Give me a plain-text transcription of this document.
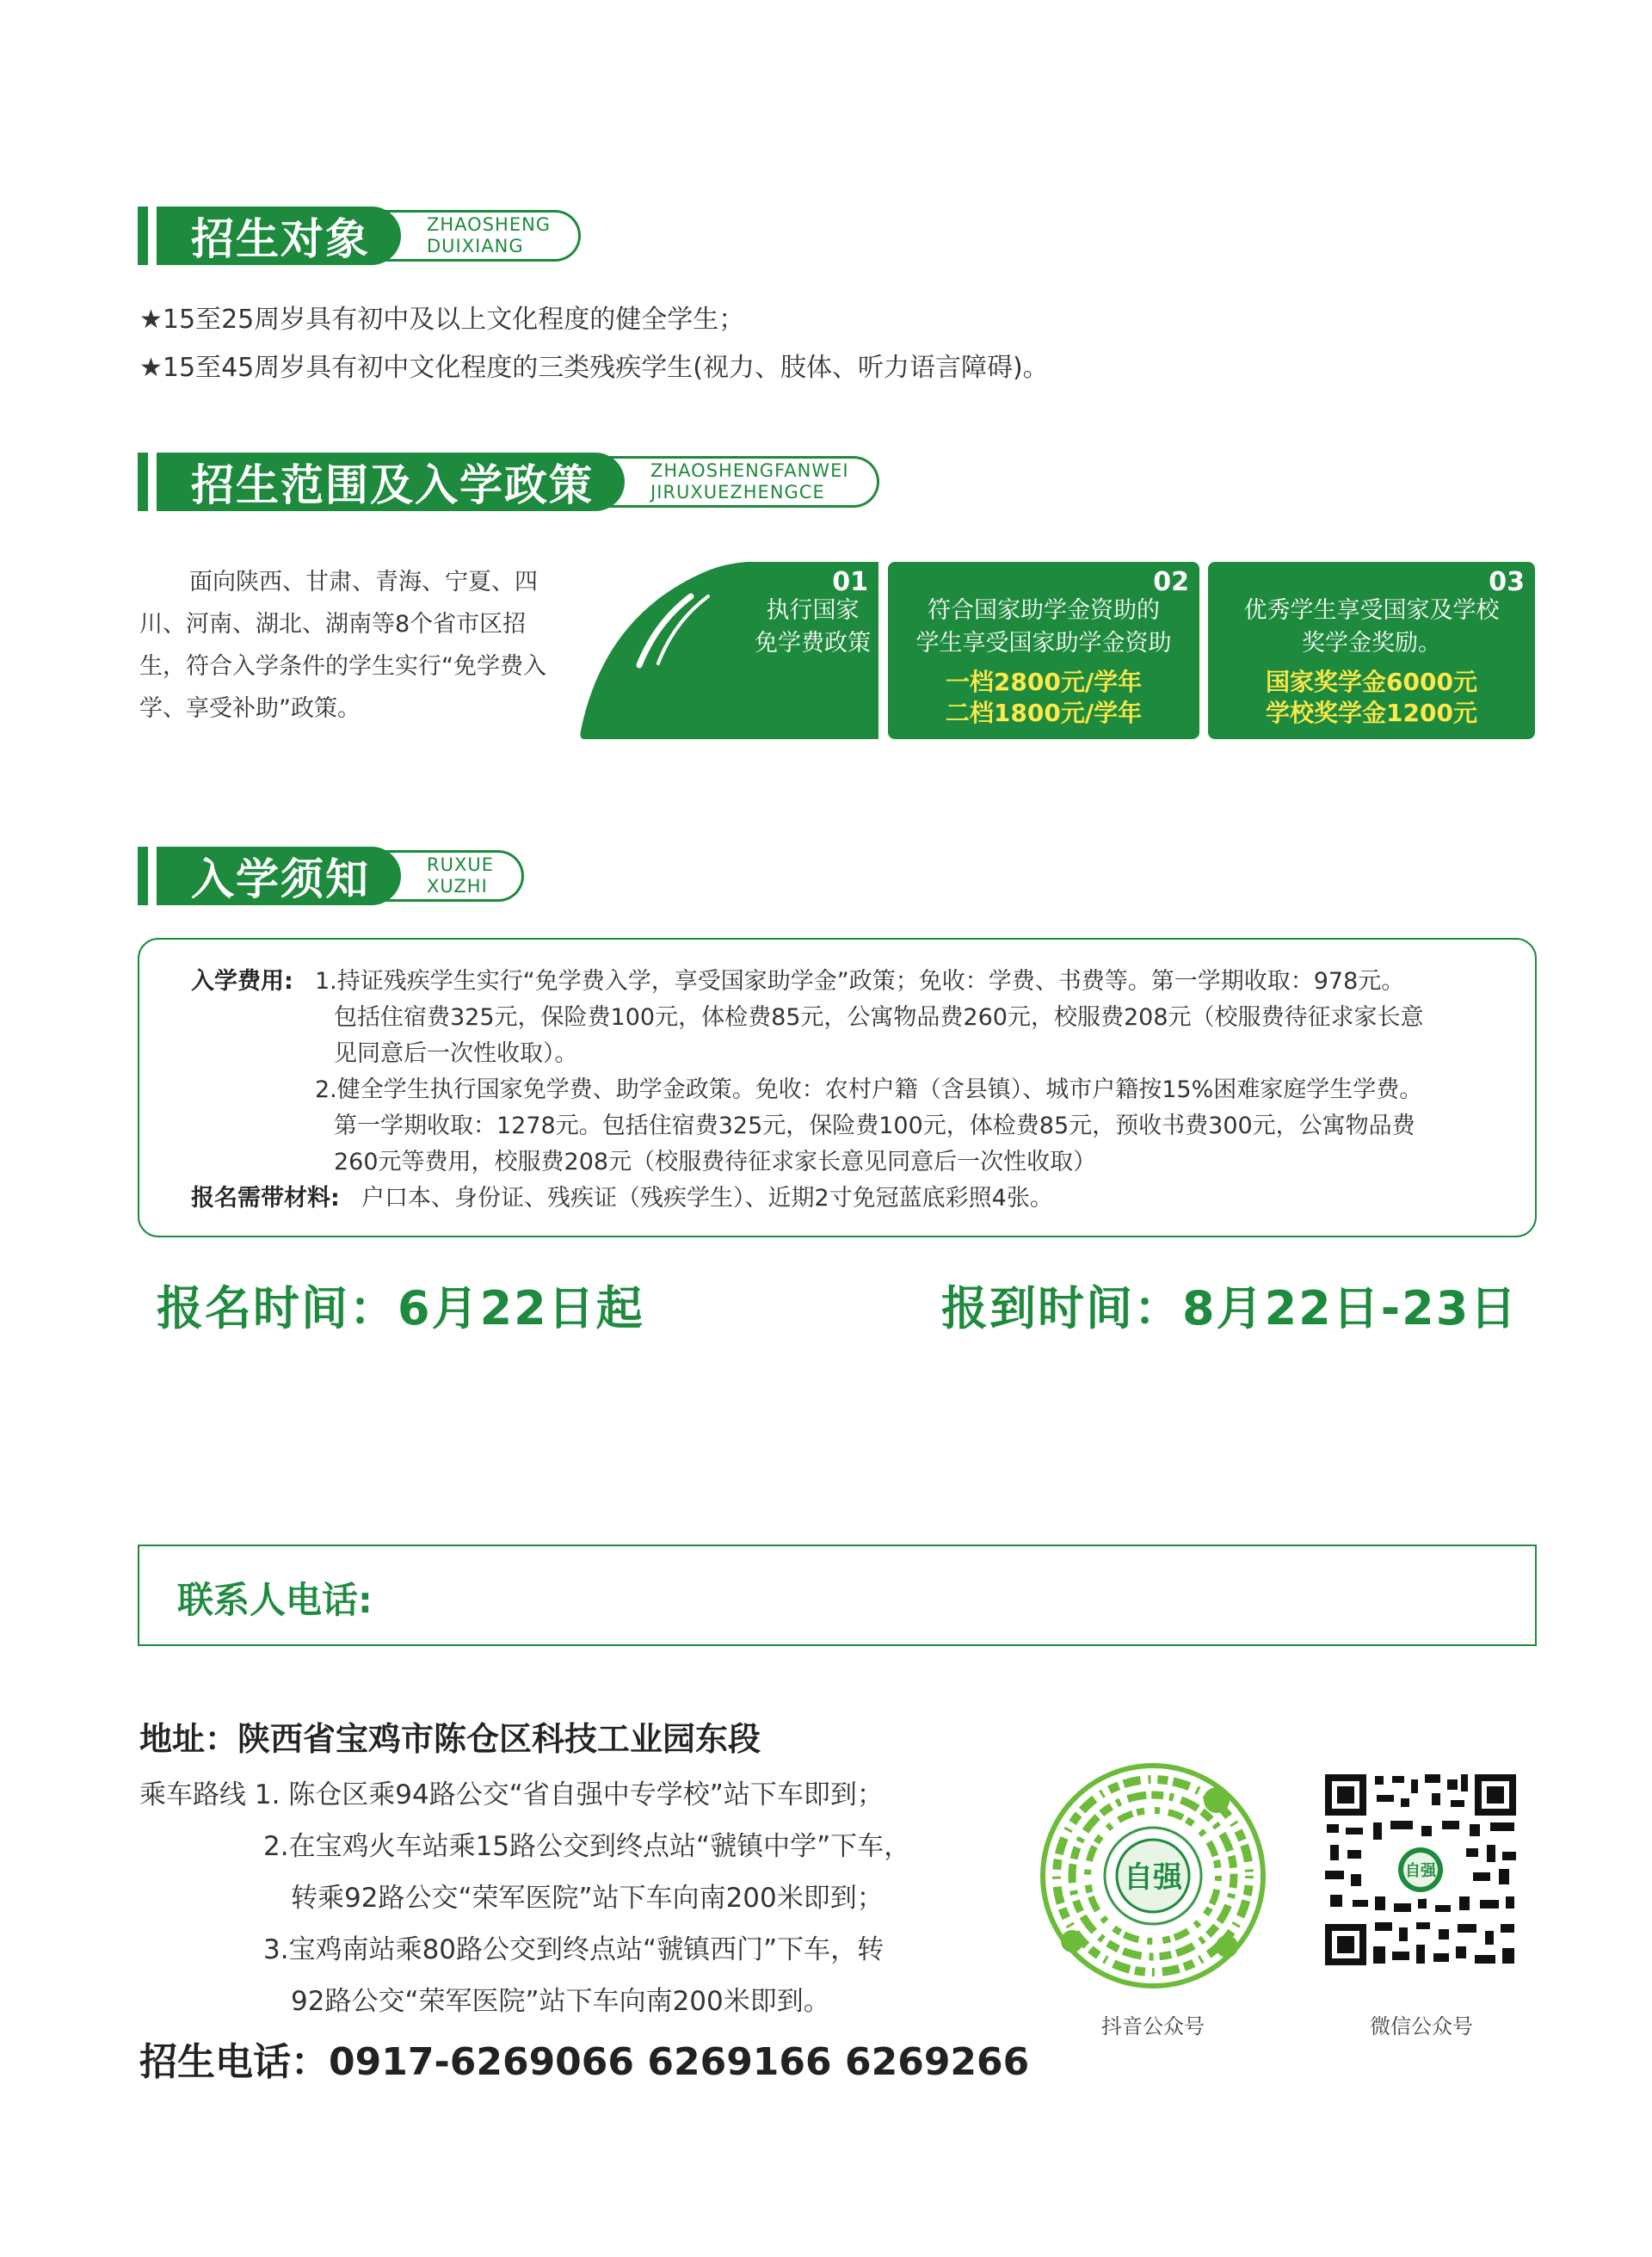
招生对象	ZHAOSHENG
DUIXIANG
★15至25周岁具有初中及以上文化程度的健全学生；
★15至45周岁具有初中文化程度的三类残疾学生(视力、肢体、听力语言障碍)。
招生范围及入学政策	ZHAOSHENGFANWEI
JIRUXUEZHENGCE
面向陕西、甘肃、青海、宁夏、四川、河南、湖北、湖南等8个省市区招生，符合入学条件的学生实行“免学费入学、享受补助”政策。
01
执行国家
免学费政策
02
符合国家助学金资助的
学生享受国家助学金资助
一档2800元/学年
二档1800元/学年
03
优秀学生享受国家及学校
奖学金奖励。
国家奖学金6000元
学校奖学金1200元
入学须知	RUXUE
XUZHI
入学费用: 1.持证残疾学生实行“免学费入学，享受国家助学金”政策；免收：学费、书费等。第一学期收取：978元。
包括住宿费325元，保险费100元，体检费85元，公寓物品费260元，校服费208元（校服费待征求家长意
见同意后一次性收取）。
2.健全学生执行国家免学费、助学金政策。免收：农村户籍（含县镇）、城市户籍按15%困难家庭学生学费。
第一学期收取：1278元。包括住宿费325元，保险费100元，体检费85元，预收书费300元，公寓物品费
260元等费用，校服费208元（校服费待征求家长意见同意后一次性收取）
报名需带材料: 户口本、身份证、残疾证（残疾学生）、近期2寸免冠蓝底彩照4张。
报名时间：6月22日起	报到时间：8月22日-23日
联系人电话:
地址：陕西省宝鸡市陈仓区科技工业园东段
乘车路线 1. 陈仓区乘94路公交“省自强中专学校”站下车即到；
2.在宝鸡火车站乘15路公交到终点站“虢镇中学”下车，
转乘92路公交“荣军医院”站下车向南200米即到；
3.宝鸡南站乘80路公交到终点站“虢镇西门”下车，转
92路公交“荣军医院”站下车向南200米即到。
招生电话：0917-6269066 6269166 6269266
自强
抖音公众号
自强
微信公众号
